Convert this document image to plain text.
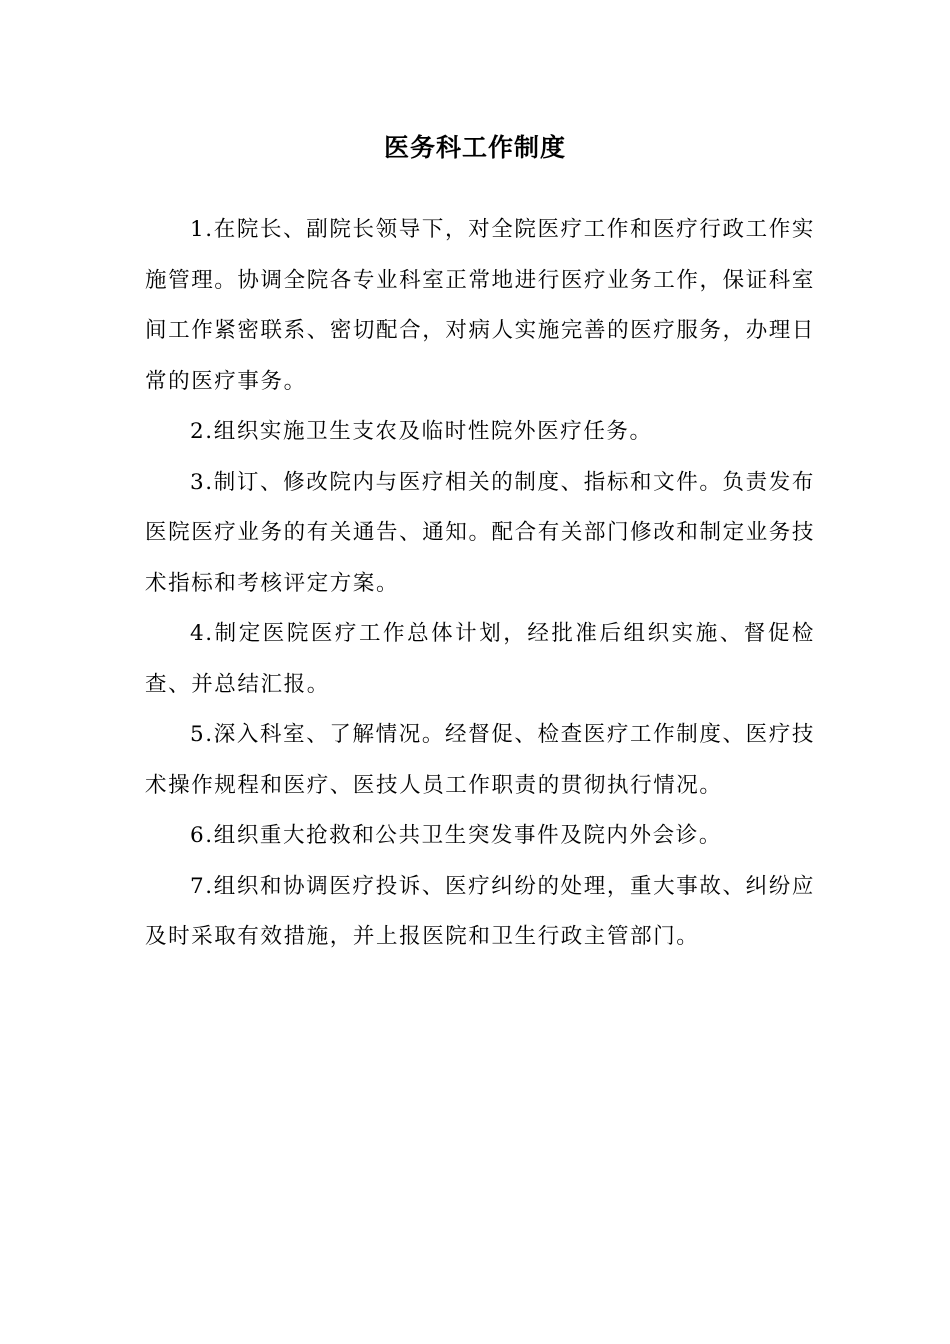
医务科工作制度

1.在院长、副院长领导下，对全院医疗工作和医疗行政工作实施管理。协调全院各专业科室正常地进行医疗业务工作，保证科室间工作紧密联系、密切配合，对病人实施完善的医疗服务，办理日常的医疗事务。

2.组织实施卫生支农及临时性院外医疗任务。

3.制订、修改院内与医疗相关的制度、指标和文件。负责发布医院医疗业务的有关通告、通知。配合有关部门修改和制定业务技术指标和考核评定方案。

4.制定医院医疗工作总体计划，经批准后组织实施、督促检查、并总结汇报。

5.深入科室、了解情况。经督促、检查医疗工作制度、医疗技术操作规程和医疗、医技人员工作职责的贯彻执行情况。

6.组织重大抢救和公共卫生突发事件及院内外会诊。

7.组织和协调医疗投诉、医疗纠纷的处理，重大事故、纠纷应及时采取有效措施，并上报医院和卫生行政主管部门。
